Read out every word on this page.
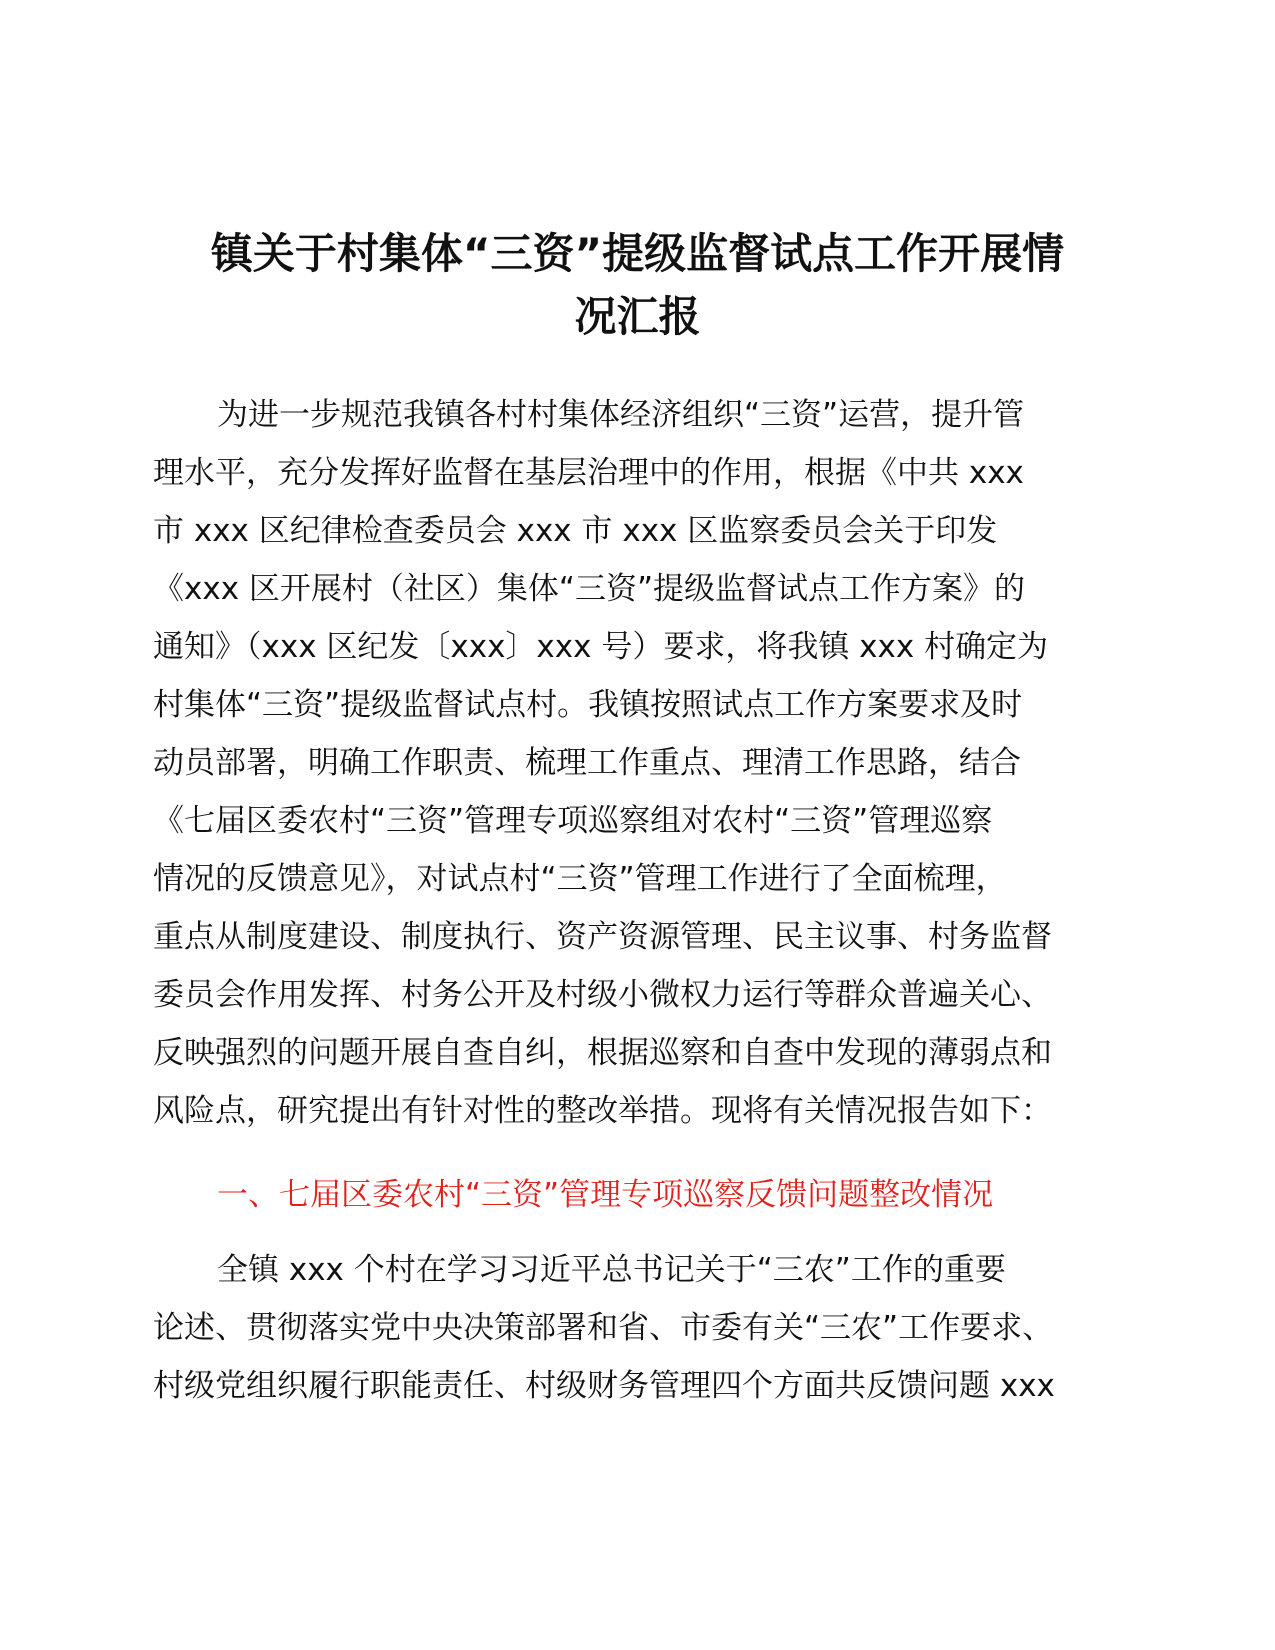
镇关于村集体“三资”提级监督试点工作开展情
况汇报

为进一步规范我镇各村村集体经济组织“三资”运营，提升管
理水平，充分发挥好监督在基层治理中的作用，根据《中共 xxx
市 xxx 区纪律检查委员会 xxx 市 xxx 区监察委员会关于印发
《xxx 区开展村（社区）集体“三资”提级监督试点工作方案》的
通知》（xxx 区纪发〔xxx〕xxx 号）要求，将我镇 xxx 村确定为
村集体“三资”提级监督试点村。我镇按照试点工作方案要求及时
动员部署，明确工作职责、梳理工作重点、理清工作思路，结合
《七届区委农村“三资”管理专项巡察组对农村“三资”管理巡察
情况的反馈意见》，对试点村“三资”管理工作进行了全面梳理，
重点从制度建设、制度执行、资产资源管理、民主议事、村务监督
委员会作用发挥、村务公开及村级小微权力运行等群众普遍关心、
反映强烈的问题开展自查自纠，根据巡察和自查中发现的薄弱点和
风险点，研究提出有针对性的整改举措。现将有关情况报告如下：

一、七届区委农村“三资”管理专项巡察反馈问题整改情况

全镇 xxx 个村在学习习近平总书记关于“三农”工作的重要
论述、贯彻落实党中央决策部署和省、市委有关“三农”工作要求、
村级党组织履行职能责任、村级财务管理四个方面共反馈问题 xxx
